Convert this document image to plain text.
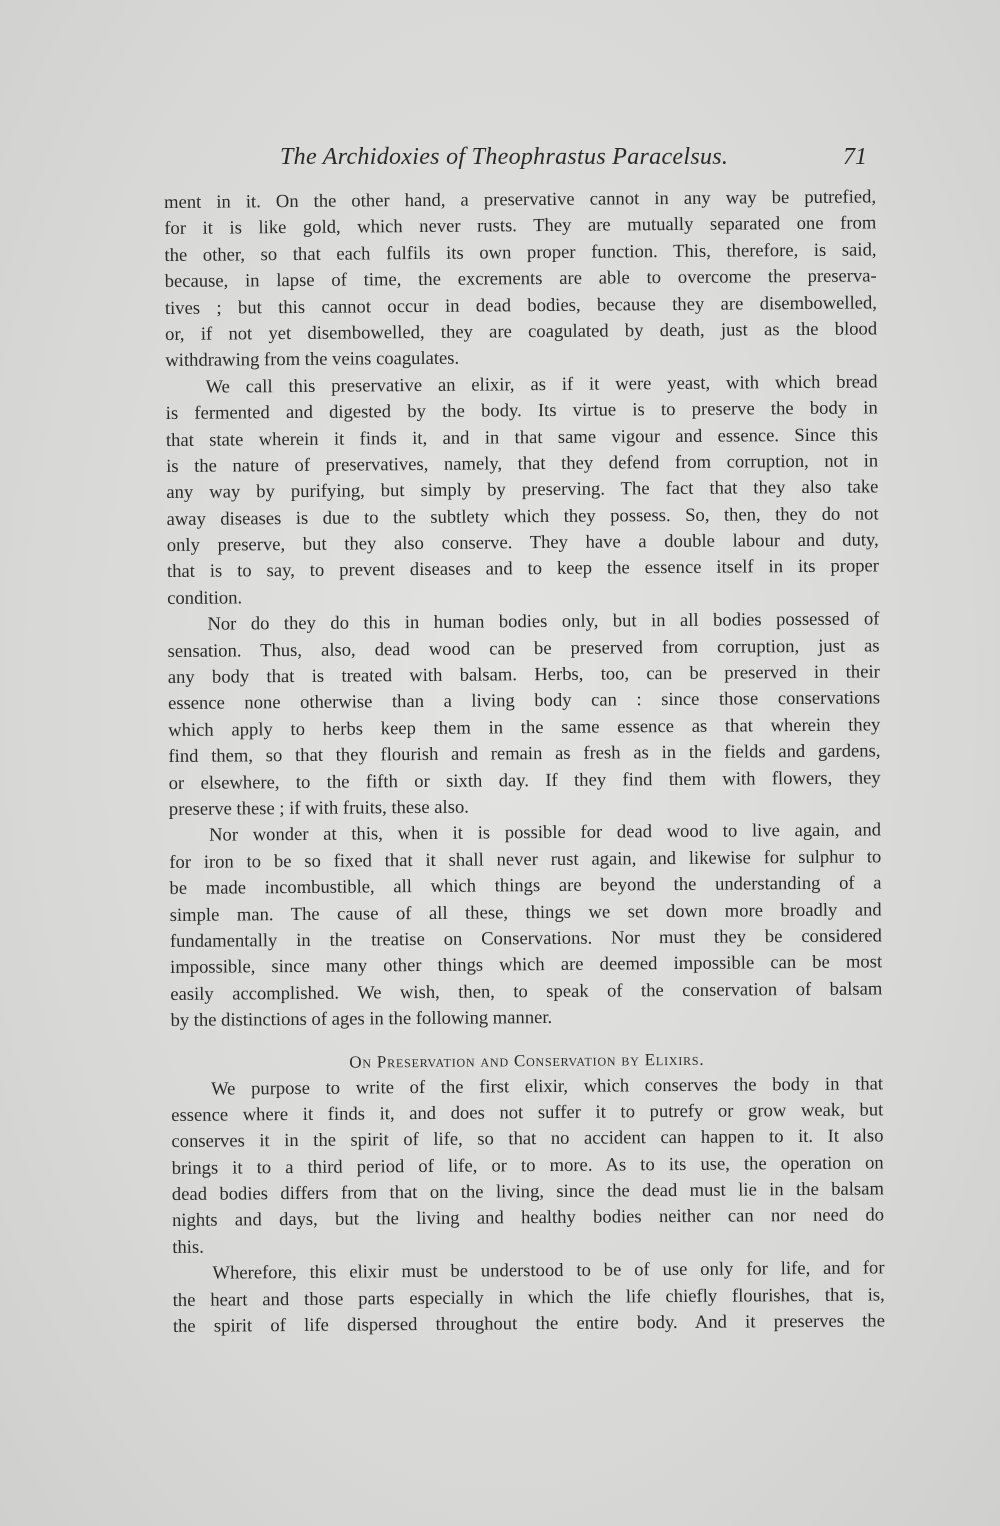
The Archidoxies of Theophrastus Paracelsus.	71
ment in it. On the other hand, a preservative cannot in any way be putrefied,
for it is like gold, which never rusts. They are mutually separated one from
the other, so that each fulfils its own proper function. This, therefore, is said,
because, in lapse of time, the excrements are able to overcome the preserva-
tives ; but this cannot occur in dead bodies, because they are disembowelled,
or, if not yet disembowelled, they are coagulated by death, just as the blood
withdrawing from the veins coagulates.
We call this preservative an elixir, as if it were yeast, with which bread
is fermented and digested by the body. Its virtue is to preserve the body in
that state wherein it finds it, and in that same vigour and essence. Since this
is the nature of preservatives, namely, that they defend from corruption, not in
any way by purifying, but simply by preserving. The fact that they also take
away diseases is due to the subtlety which they possess. So, then, they do not
only preserve, but they also conserve. They have a double labour and duty,
that is to say, to prevent diseases and to keep the essence itself in its proper
condition.
Nor do they do this in human bodies only, but in all bodies possessed of
sensation. Thus, also, dead wood can be preserved from corruption, just as
any body that is treated with balsam. Herbs, too, can be preserved in their
essence none otherwise than a living body can : since those conservations
which apply to herbs keep them in the same essence as that wherein they
find them, so that they flourish and remain as fresh as in the fields and gardens,
or elsewhere, to the fifth or sixth day. If they find them with flowers, they
preserve these ; if with fruits, these also.
Nor wonder at this, when it is possible for dead wood to live again, and
for iron to be so fixed that it shall never rust again, and likewise for sulphur to
be made incombustible, all which things are beyond the understanding of a
simple man. The cause of all these, things we set down more broadly and
fundamentally in the treatise on Conservations. Nor must they be considered
impossible, since many other things which are deemed impossible can be most
easily accomplished. We wish, then, to speak of the conservation of balsam
by the distinctions of ages in the following manner.
On Preservation and Conservation by Elixirs.
We purpose to write of the first elixir, which conserves the body in that
essence where it finds it, and does not suffer it to putrefy or grow weak, but
conserves it in the spirit of life, so that no accident can happen to it. It also
brings it to a third period of life, or to more. As to its use, the operation on
dead bodies differs from that on the living, since the dead must lie in the balsam
nights and days, but the living and healthy bodies neither can nor need do
this.
Wherefore, this elixir must be understood to be of use only for life, and for
the heart and those parts especially in which the life chiefly flourishes, that is,
the spirit of life dispersed throughout the entire body. And it preserves the
